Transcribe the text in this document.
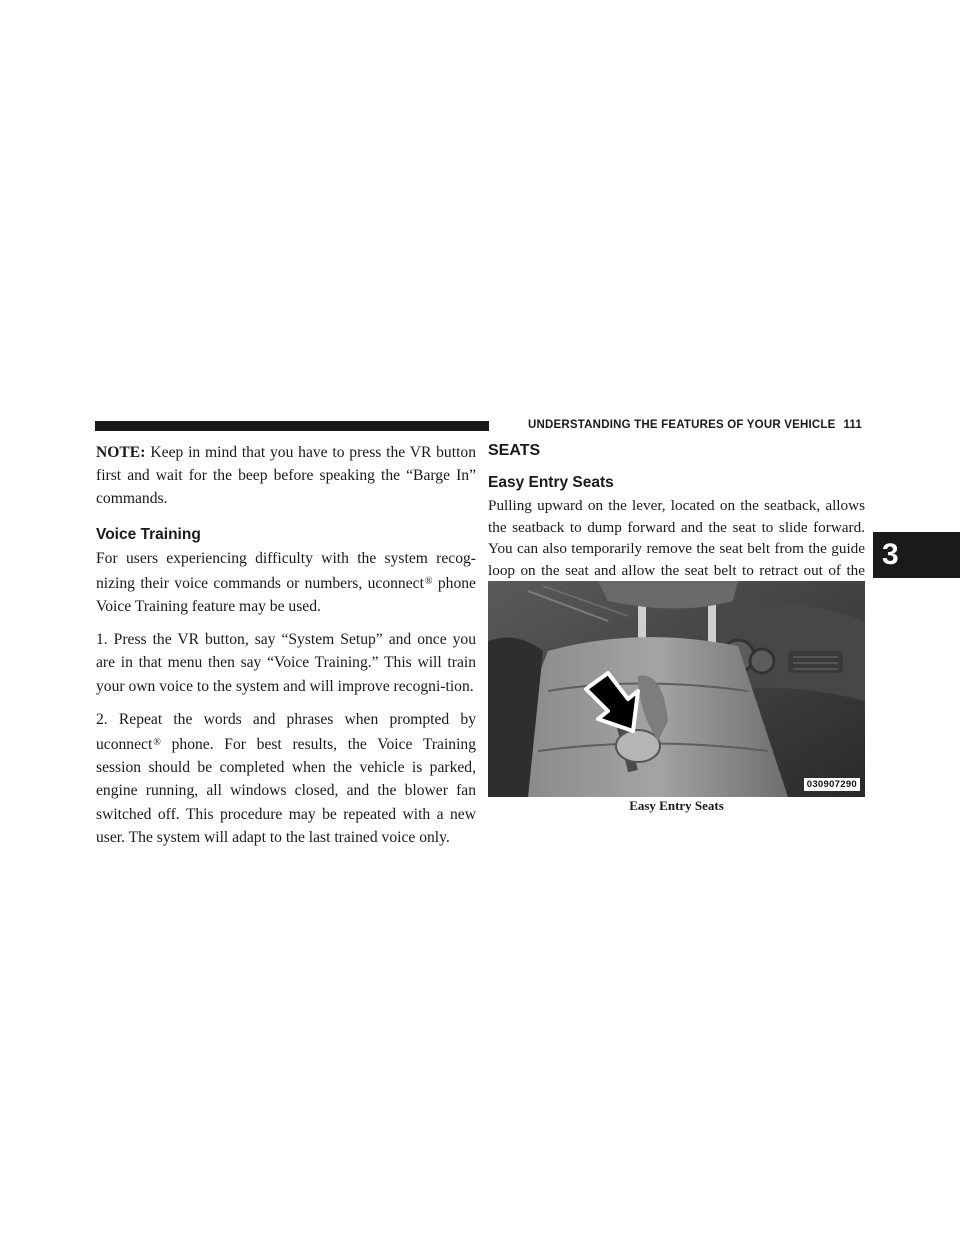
UNDERSTANDING THE FEATURES OF YOUR VEHICLE 111
3

NOTE: Keep in mind that you have to press the VR button first and wait for the beep before speaking the “Barge In” commands.

Voice Training

For users experiencing difficulty with the system recog-nizing their voice commands or numbers, uconnect® phone Voice Training feature may be used.

1. Press the VR button, say “System Setup” and once you are in that menu then say “Voice Training.” This will train your own voice to the system and will improve recogni-tion.

2. Repeat the words and phrases when prompted by uconnect® phone. For best results, the Voice Training session should be completed when the vehicle is parked, engine running, all windows closed, and the blower fan switched off. This procedure may be repeated with a new user. The system will adapt to the last trained voice only.

SEATS
Easy Entry Seats

Pulling upward on the lever, located on the seatback, allows the seatback to dump forward and the seat to slide forward. You can also temporarily remove the seat belt from the guide loop on the seat and allow the seat belt to retract out of the

030907290
Easy Entry Seats
